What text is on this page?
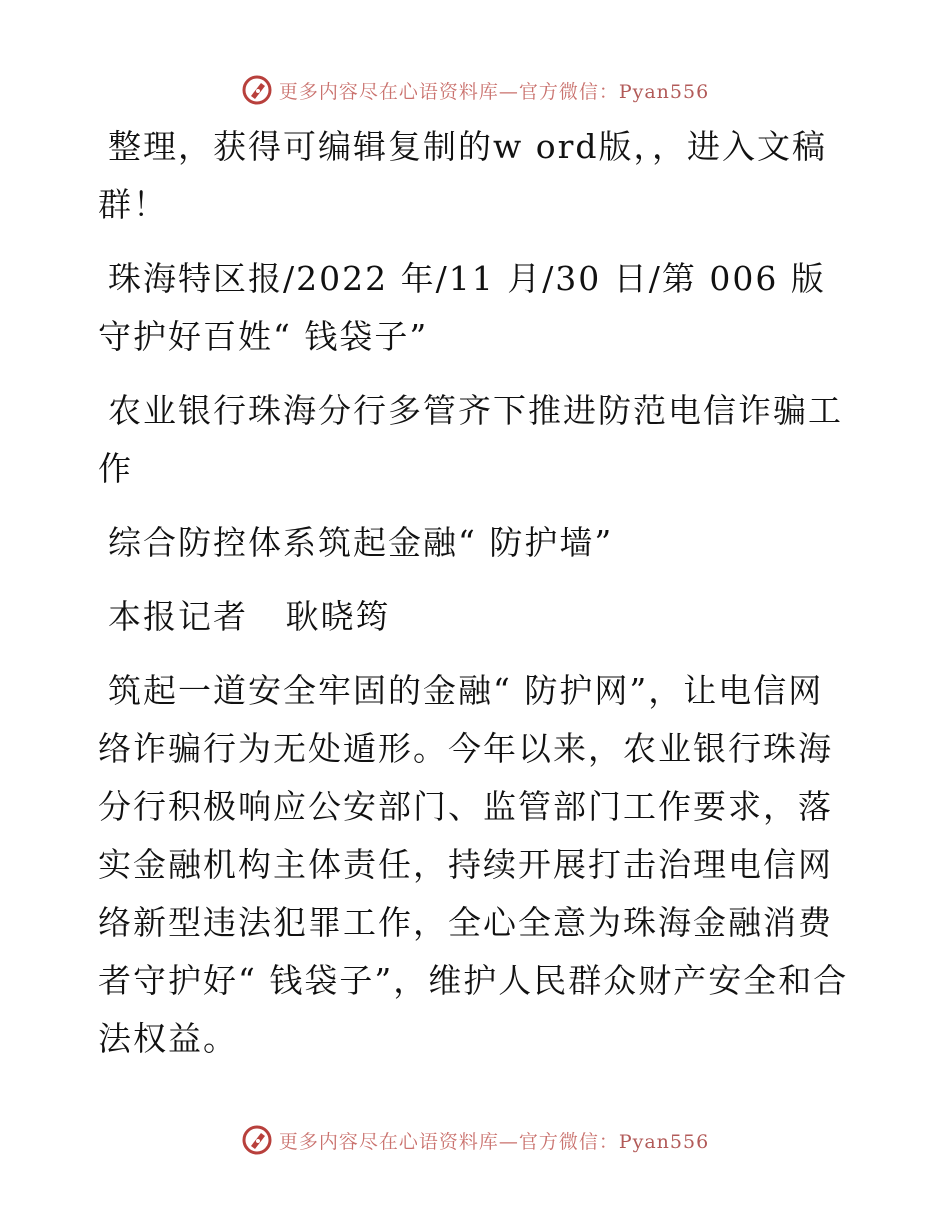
更多内容尽在心语资料库—官方微信：Pyan556

整理，获得可编辑复制的w ord版，，进入文稿群！

珠海特区报/2022 年/11 月/30 日/第 006 版守护好百姓“ 钱袋子”

农业银行珠海分行多管齐下推进防范电信诈骗工作

综合防控体系筑起金融“ 防护墙”

本报记者   耿晓筠

筑起一道安全牢固的金融“ 防护网”，让电信网络诈骗行为无处遁形。今年以来，农业银行珠海分行积极响应公安部门、监管部门工作要求，落实金融机构主体责任，持续开展打击治理电信网络新型违法犯罪工作，全心全意为珠海金融消费者守护好“ 钱袋子”，维护人民群众财产安全和合法权益。

更多内容尽在心语资料库—官方微信：Pyan556
